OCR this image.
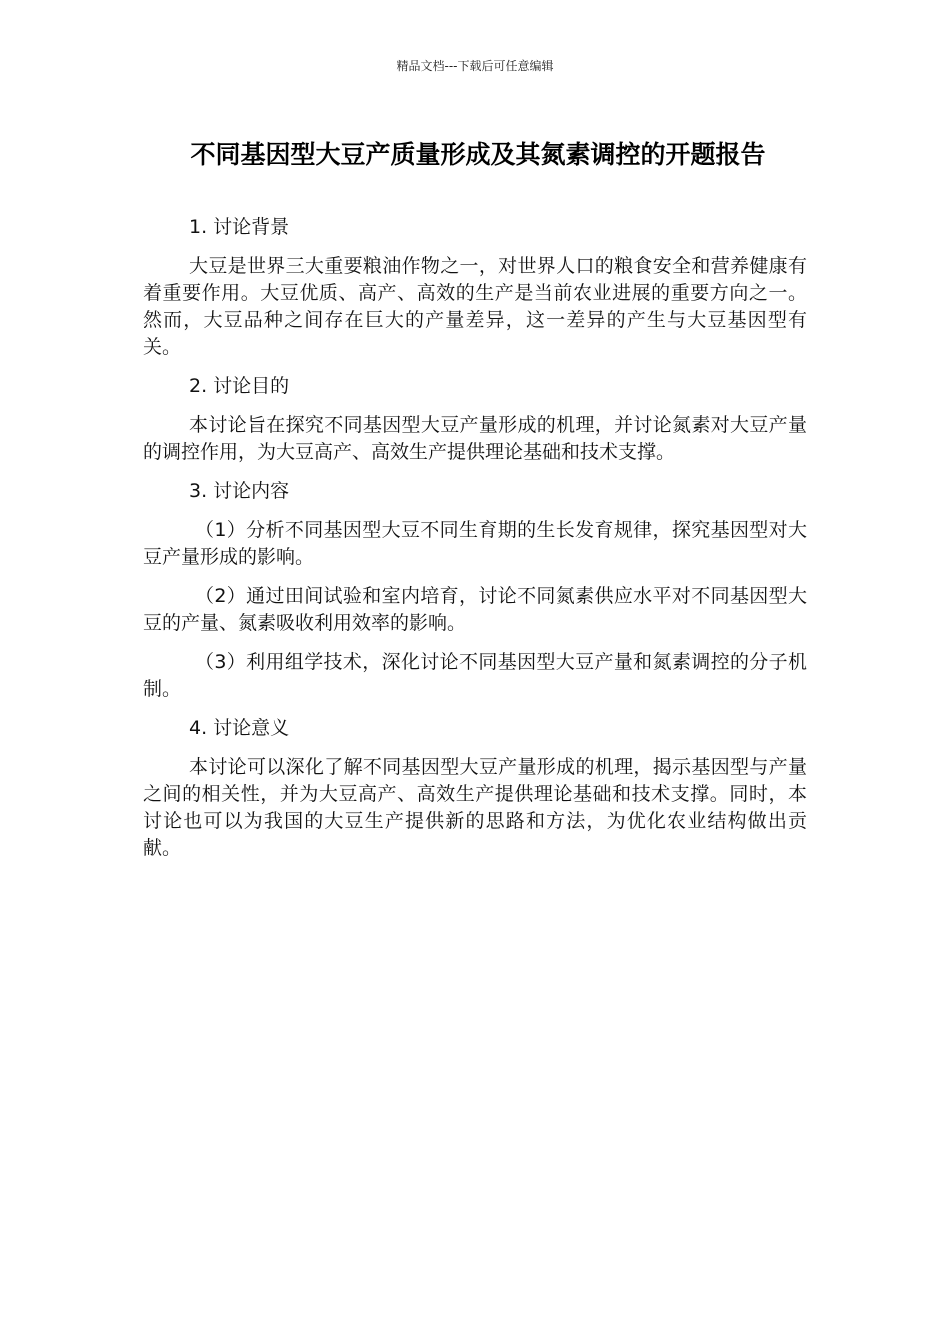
精品文档---下载后可任意编辑
不同基因型大豆产质量形成及其氮素调控的开题报告

1. 讨论背景

大豆是世界三大重要粮油作物之一，对世界人口的粮食安全和营养健康有着重要作用。大豆优质、高产、高效的生产是当前农业进展的重要方向之一。然而，大豆品种之间存在巨大的产量差异，这一差异的产生与大豆基因型有关。

2. 讨论目的

本讨论旨在探究不同基因型大豆产量形成的机理，并讨论氮素对大豆产量的调控作用，为大豆高产、高效生产提供理论基础和技术支撑。

3. 讨论内容

（1）分析不同基因型大豆不同生育期的生长发育规律，探究基因型对大豆产量形成的影响。

（2）通过田间试验和室内培育，讨论不同氮素供应水平对不同基因型大豆的产量、氮素吸收利用效率的影响。

（3）利用组学技术，深化讨论不同基因型大豆产量和氮素调控的分子机制。

4. 讨论意义

本讨论可以深化了解不同基因型大豆产量形成的机理，揭示基因型与产量之间的相关性，并为大豆高产、高效生产提供理论基础和技术支撑。同时，本讨论也可以为我国的大豆生产提供新的思路和方法，为优化农业结构做出贡献。
